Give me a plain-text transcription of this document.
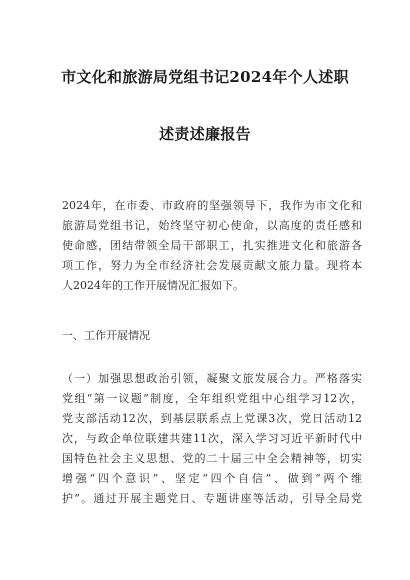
市文化和旅游局党组书记2024年个人述职
述责述廉报告
2024年，在市委、市政府的坚强领导下，我作为市文化和
旅游局党组书记，始终坚守初心使命，以高度的责任感和
使命感，团结带领全局干部职工，扎实推进文化和旅游各
项工作，努力为全市经济社会发展贡献文旅力量。现将本
人2024年的工作开展情况汇报如下。
一、工作开展情况
（一）加强思想政治引领，凝聚文旅发展合力。严格落实
党组“第一议题”制度，全年组织党组中心组学习12次，
党支部活动12次，到基层联系点上党课3次，党日活动12
次，与政企单位联建共建11次，深入学习习近平新时代中
国特色社会主义思想、党的二十届三中全会精神等，切实
增强“四个意识”、坚定“四个自信”、做到“两个维
护”。通过开展主题党日、专题讲座等活动，引导全局党
